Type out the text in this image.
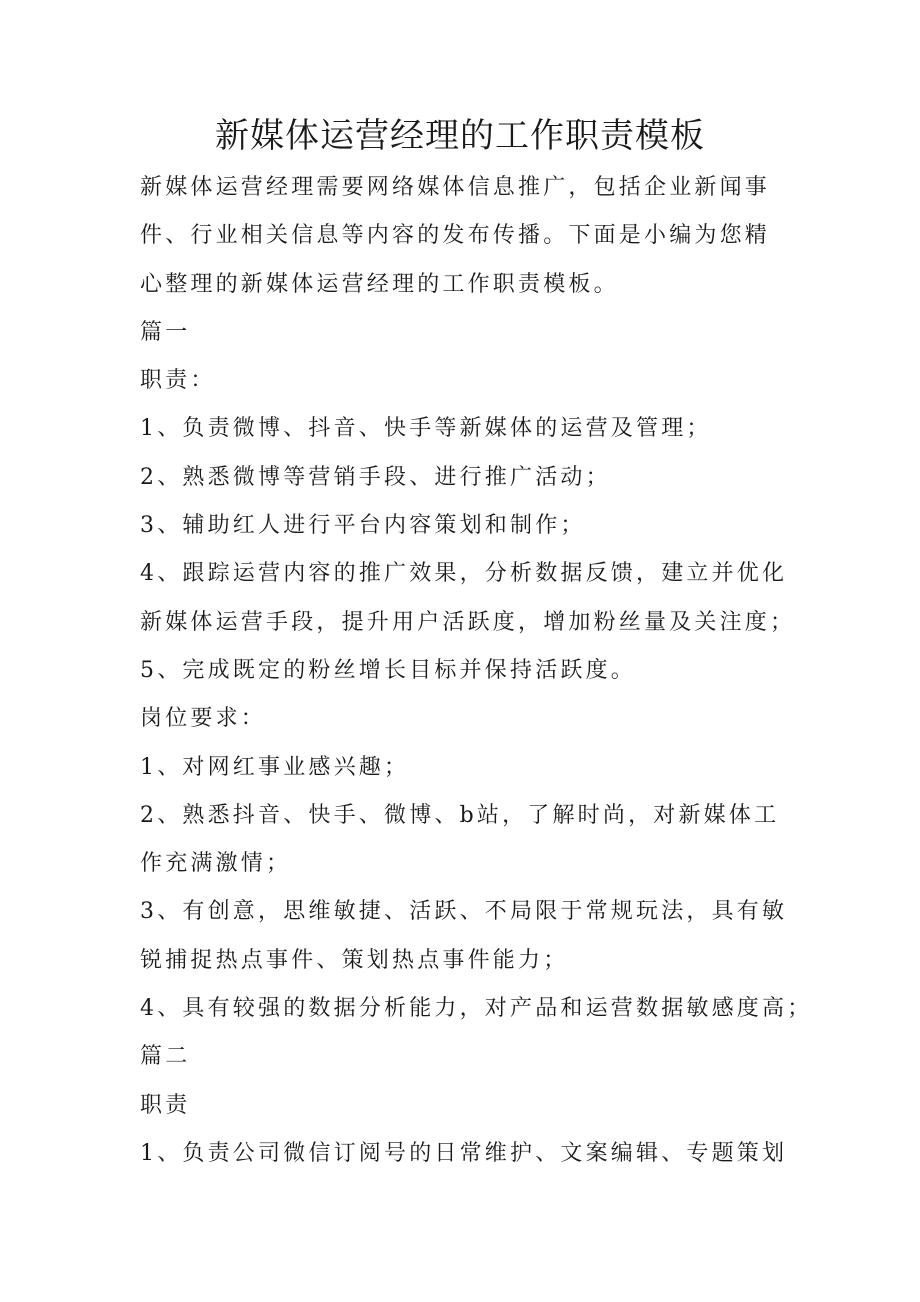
新媒体运营经理的工作职责模板
新媒体运营经理需要网络媒体信息推广，包括企业新闻事
件、行业相关信息等内容的发布传播。下面是小编为您精
心整理的新媒体运营经理的工作职责模板。
篇一
职责：
1、负责微博、抖音、快手等新媒体的运营及管理；
2、熟悉微博等营销手段、进行推广活动；
3、辅助红人进行平台内容策划和制作；
4、跟踪运营内容的推广效果，分析数据反馈，建立并优化
新媒体运营手段，提升用户活跃度，增加粉丝量及关注度；
5、完成既定的粉丝增长目标并保持活跃度。
岗位要求：
1、对网红事业感兴趣；
2、熟悉抖音、快手、微博、b站，了解时尚，对新媒体工
作充满激情；
3、有创意，思维敏捷、活跃、不局限于常规玩法，具有敏
锐捕捉热点事件、策划热点事件能力；
4、具有较强的数据分析能力，对产品和运营数据敏感度高；
篇二
职责
1、负责公司微信订阅号的日常维护、文案编辑、专题策划
